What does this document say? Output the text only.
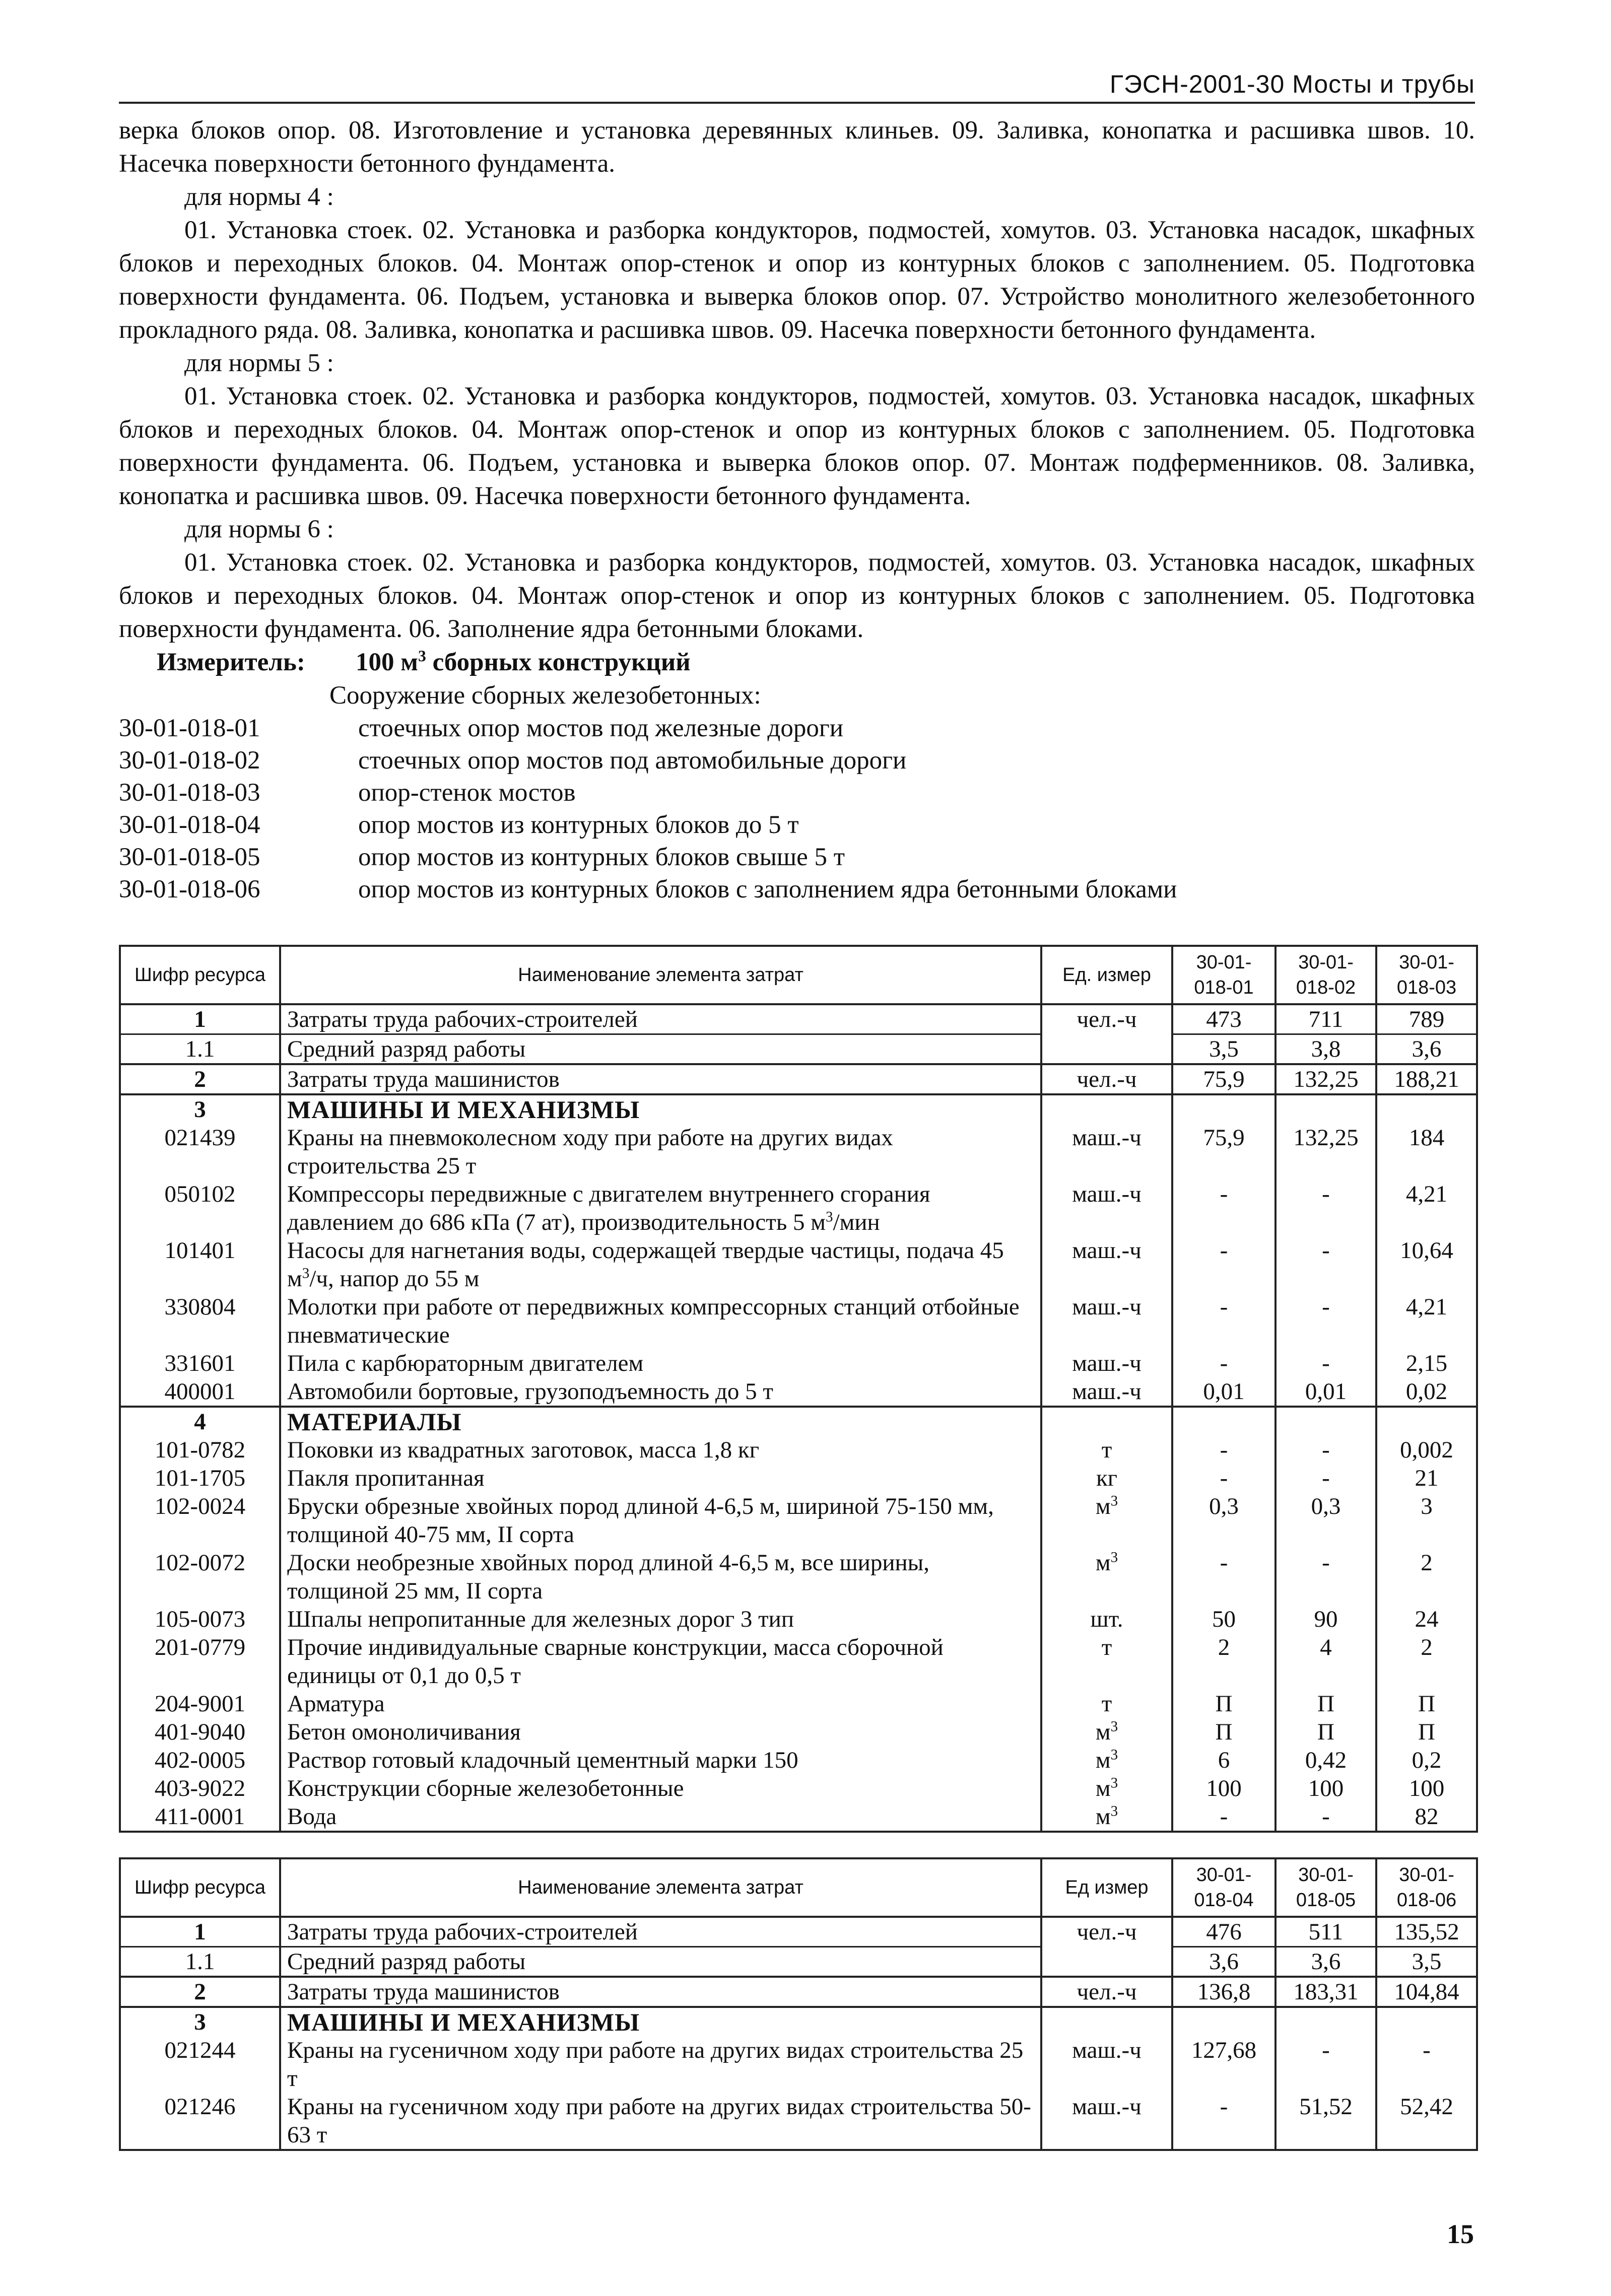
ГЭСН-2001-30 Мосты и трубы

верка блоков опор. 08. Изготовление и установка деревянных клиньев. 09. Заливка, конопатка и расшивка швов. 10. Насечка поверхности бетонного фундамента.

для нормы 4 :

01. Установка стоек. 02. Установка и разборка кондукторов, подмостей, хомутов. 03. Установка насадок, шкафных блоков и переходных блоков. 04. Монтаж опор-стенок и опор из контурных блоков с заполнением. 05. Подготовка поверхности фундамента. 06. Подъем, установка и выверка блоков опор. 07. Устройство монолитного железобетонного прокладного ряда. 08. Заливка, конопатка и расшивка швов. 09. Насечка поверхности бетонного фундамента.

для нормы 5 :

01. Установка стоек. 02. Установка и разборка кондукторов, подмостей, хомутов. 03. Установка насадок, шкафных блоков и переходных блоков. 04. Монтаж опор-стенок и опор из контурных блоков с заполнением. 05. Подготовка поверхности фундамента. 06. Подъем, установка и выверка блоков опор. 07. Монтаж подферменников. 08. Заливка, конопатка и расшивка швов. 09. Насечка поверхности бетонного фундамента.

для нормы 6 :

01. Установка стоек. 02. Установка и разборка кондукторов, подмостей, хомутов. 03. Установка насадок, шкафных блоков и переходных блоков. 04. Монтаж опор-стенок и опор из контурных блоков с заполнением. 05. Подготовка поверхности фундамента. 06. Заполнение ядра бетонными блоками.

Измеритель: 100 $м^3$ сборных конструкций
Сооружение сборных железобетонных:
30-01-018-01	стоечных опор мостов под железные дороги
30-01-018-02	стоечных опор мостов под автомобильные дороги
30-01-018-03	опор-стенок мостов
30-01-018-04	опор мостов из контурных блоков до 5 т
30-01-018-05	опор мостов из контурных блоков свыше 5 т
30-01-018-06	опор мостов из контурных блоков с заполнением ядра бетонными блоками
Шифр ресурса	Наименование элемента затрат	Ед. измер	30-01-018-01	30-01-018-02	30-01-018-03
1	Затраты труда рабочих-строителей	чел.-ч	473	711	789
1.1	Средний разряд работы		3,5	3,8	3,6
2	Затраты труда машинистов	чел.-ч	75,9	132,25	188,21
3	МАШИНЫ И МЕХАНИЗМЫ				
021439	Краны на пневмоколесном ходу при работе на других видах строительства 25 т	маш.-ч	75,9	132,25	184
050102	Компрессоры передвижные с двигателем внутреннего сгорания давлением до 686 кПа (7 ат), производительность 5 $м^3$/мин	маш.-ч	-	-	4,21
101401	Насосы для нагнетания воды, содержащей твердые частицы, подача 45 $м^3/ч$, напор до 55 м	маш.-ч	-	-	10,64
330804	Молотки при работе от передвижных компрессорных станций отбойные пневматические	маш.-ч	-	-	4,21
331601	Пила с карбюраторным двигателем	маш.-ч	-	-	2,15
400001	Автомобили бортовые, грузоподъемность до 5 т	маш.-ч	0,01	0,01	0,02
4	МАТЕРИАЛЫ				
101-0782	Поковки из квадратных заготовок, масса 1,8 кг	т	-	-	0,002
101-1705	Пакля пропитанная	кг	-	-	21
102-0024	Бруски обрезные хвойных пород длиной 4-6,5 м, шириной 75-150 мм, толщиной 40-75 мм, II сорта	$м^3$	0,3	0,3	3
102-0072	Доски необрезные хвойных пород длиной 4-6,5 м, все ширины, толщиной 25 мм, II сорта	$м^3$	-	-	2
105-0073	Шпалы непропитанные для железных дорог 3 тип	шт.	50	90	24
201-0779	Прочие индивидуальные сварные конструкции, масса сборочной единицы от 0,1 до 0,5 т	т	2	4	2
204-9001	Арматура	т	П	П	П
401-9040	Бетон омоноличивания	$м^3$	П	П	П
402-0005	Раствор готовый кладочный цементный марки 150	$м^3$	6	0,42	0,2
403-9022	Конструкции сборные железобетонные	$м^3$	100	100	100
411-0001	Вода	$м^3$	-	-	82
Шифр ресурса	Наименование элемента затрат	Ед измер	30-01-018-04	30-01-018-05	30-01-018-06
1	Затраты труда рабочих-строителей	чел.-ч	476	511	135,52
1.1	Средний разряд работы		3,6	3,6	3,5
2	Затраты труда машинистов	чел.-ч	136,8	183,31	104,84
3	МАШИНЫ И МЕХАНИЗМЫ				
021244	Краны на гусеничном ходу при работе на других видах строительства 25 т	маш.-ч	127,68	-	-
021246	Краны на гусеничном ходу при работе на других видах строительства 50-63 т	маш.-ч	-	51,52	52,42
15
